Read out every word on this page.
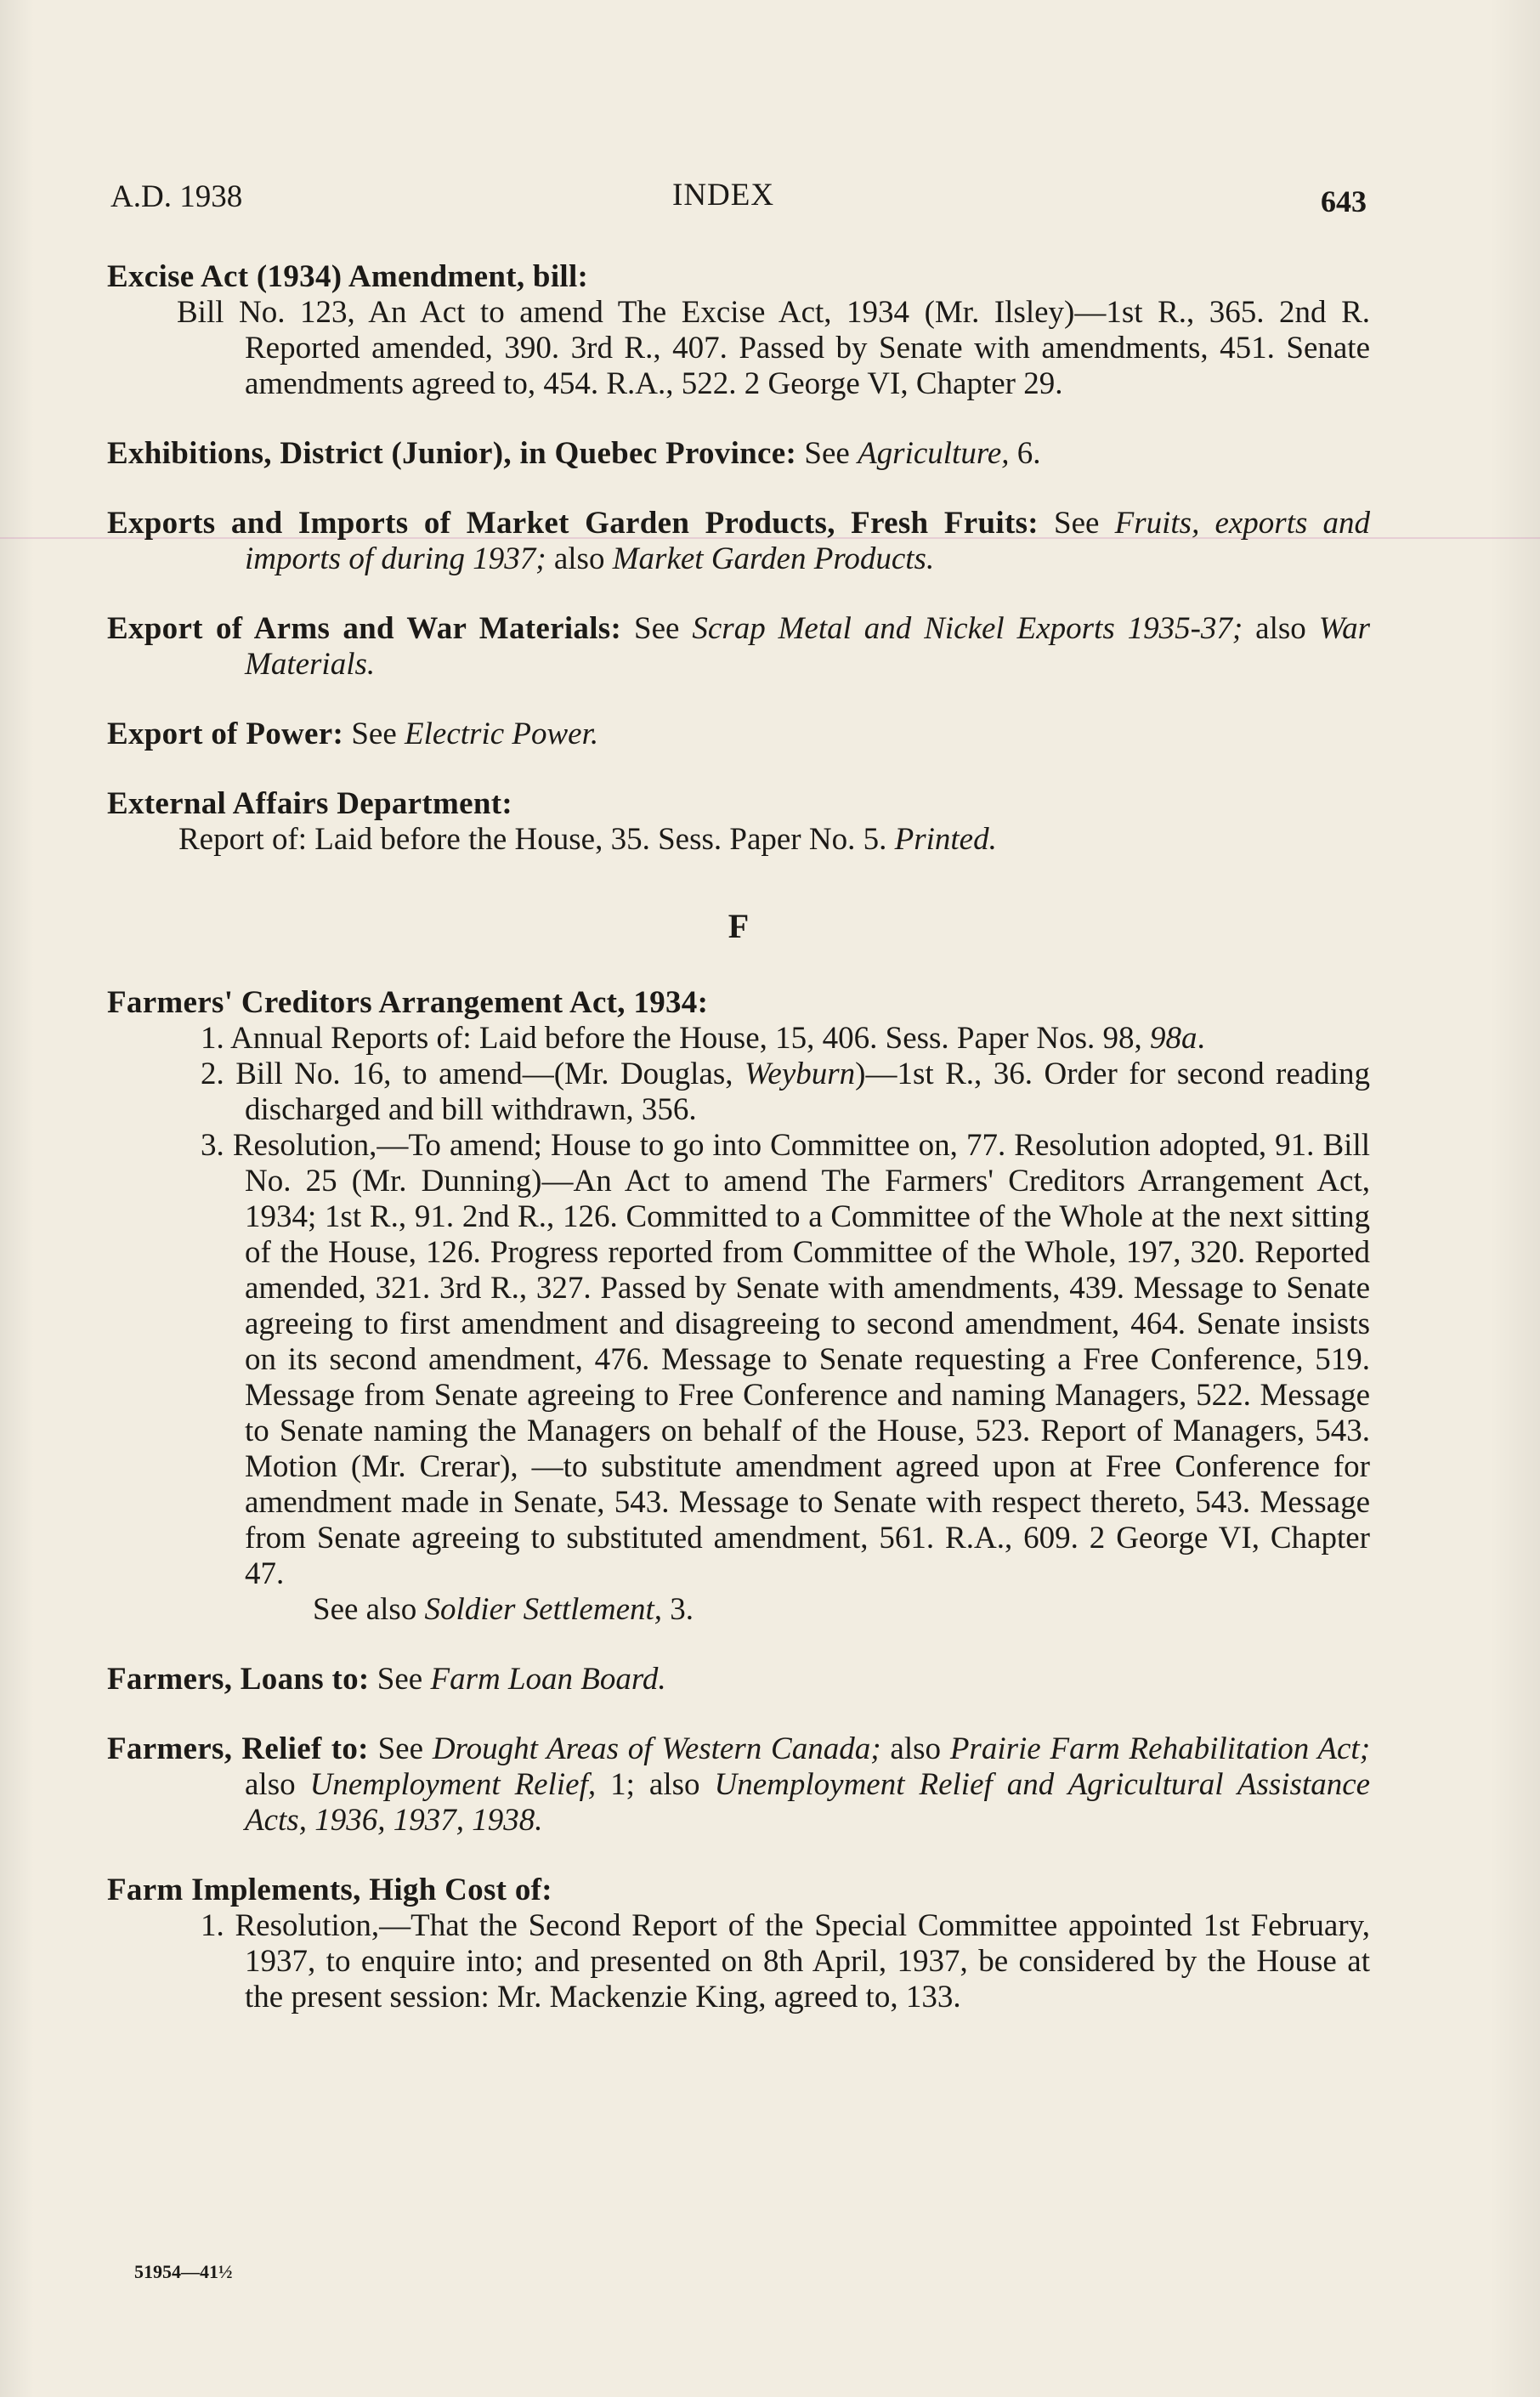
A.D. 1938	INDEX	643
Excise Act (1934) Amendment, bill:
Bill No. 123, An Act to amend The Excise Act, 1934 (Mr. Ilsley)—1st R., 365. 2nd R. Reported amended, 390. 3rd R., 407. Passed by Senate with amendments, 451. Senate amendments agreed to, 454. R.A., 522. 2 George VI, Chapter 29.
Exhibitions, District (Junior), in Quebec Province: See Agriculture, 6.
Exports and Imports of Market Garden Products, Fresh Fruits: See Fruits, exports and imports of during 1937; also Market Garden Products.
Export of Arms and War Materials: See Scrap Metal and Nickel Exports 1935-37; also War Materials.
Export of Power: See Electric Power.
External Affairs Department:
Report of: Laid before the House, 35. Sess. Paper No. 5. Printed.
F
Farmers' Creditors Arrangement Act, 1934:
1. Annual Reports of: Laid before the House, 15, 406. Sess. Paper Nos. 98, 98a.
2. Bill No. 16, to amend—(Mr. Douglas, Weyburn)—1st R., 36. Order for second reading discharged and bill withdrawn, 356.
3. Resolution,—To amend; House to go into Committee on, 77. Resolution adopted, 91. Bill No. 25 (Mr. Dunning)—An Act to amend The Farmers' Creditors Arrangement Act, 1934; 1st R., 91. 2nd R., 126. Committed to a Committee of the Whole at the next sitting of the House, 126. Progress reported from Committee of the Whole, 197, 320. Reported amended, 321. 3rd R., 327. Passed by Senate with amendments, 439. Message to Senate agreeing to first amendment and disagreeing to second amendment, 464. Senate insists on its second amendment, 476. Message to Senate requesting a Free Conference, 519. Message from Senate agreeing to Free Conference and naming Managers, 522. Message to Senate naming the Managers on behalf of the House, 523. Report of Managers, 543. Motion (Mr. Crerar), —to substitute amendment agreed upon at Free Conference for amendment made in Senate, 543. Message to Senate with respect thereto, 543. Message from Senate agreeing to substituted amendment, 561. R.A., 609. 2 George VI, Chapter 47.
See also Soldier Settlement, 3.
Farmers, Loans to: See Farm Loan Board.
Farmers, Relief to: See Drought Areas of Western Canada; also Prairie Farm Rehabilitation Act; also Unemployment Relief, 1; also Unemployment Relief and Agricultural Assistance Acts, 1936, 1937, 1938.
Farm Implements, High Cost of:
1. Resolution,—That the Second Report of the Special Committee appointed 1st February, 1937, to enquire into; and presented on 8th April, 1937, be considered by the House at the present session: Mr. Mackenzie King, agreed to, 133.
51954—41½
